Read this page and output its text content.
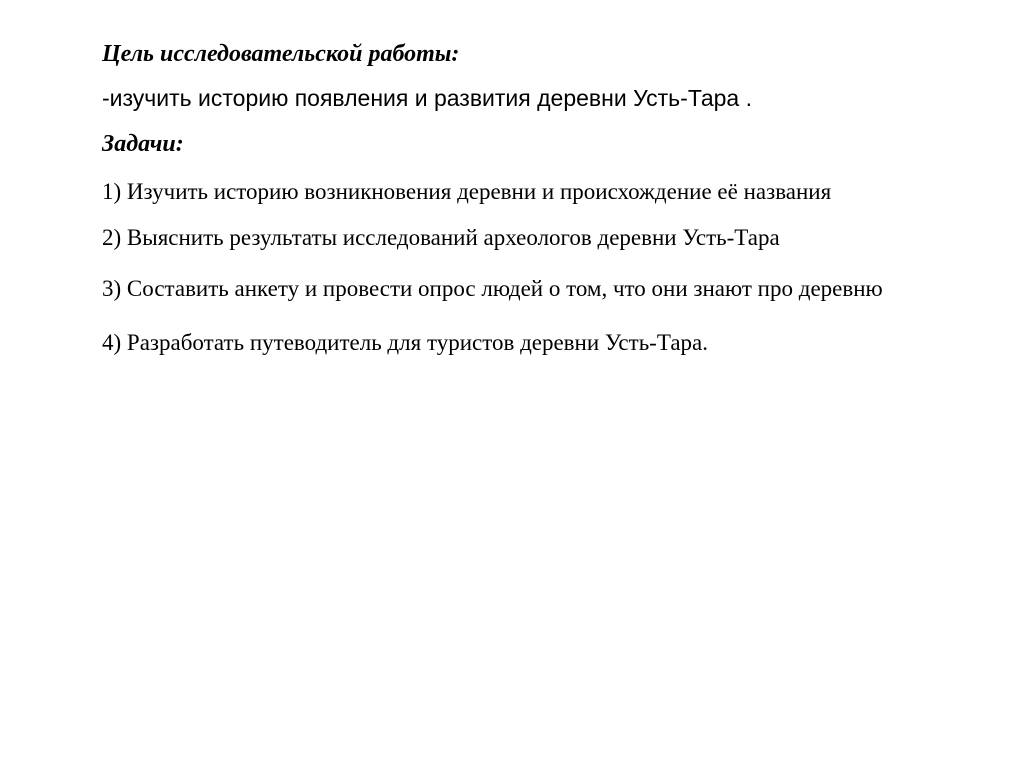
Цель исследовательской работы:

-изучить историю появления и развития деревни Усть-Тара .

Задачи:

1) Изучить историю возникновения деревни и происхождение её названия

2) Выяснить результаты исследований археологов деревни Усть-Тара

3) Составить анкету и провести опрос людей о том, что они знают про деревню

4) Разработать путеводитель для туристов деревни Усть-Тара.
